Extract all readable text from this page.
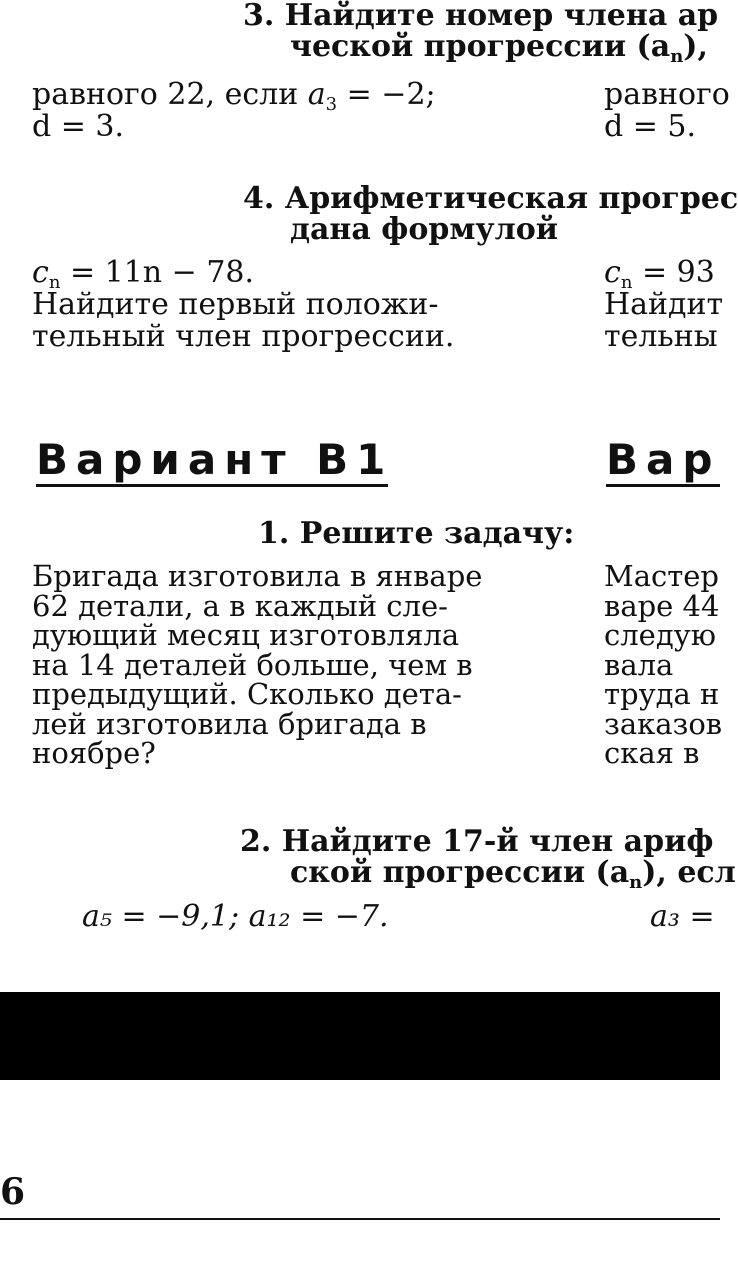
3. Найдите номер члена ар
ческой прогрессии $(a_n)$,
равного 22, если $a_3 = -2$;
d = 3.
равного
d = 5.
4. Арифметическая прогрес
дана формулой
$c_n = 11n - 78$.
Найдите первый положи-
тельный член прогрессии.
$c_n = 93$
Найдит
тельны
Вариант В1	Вар
1. Решите задачу:
Бригада изготовила в январе
62 детали, а в каждый сле-
дующий месяц изготовляла
на 14 деталей больше, чем в
предыдущий. Сколько дета-
лей изготовила бригада в
ноябре?
Мастер
варе 44
следую
вала
труда н
заказов
ская в
2. Найдите 17-й член ариф
ской прогрессии $(a_n)$, есл
a₅ = −9,1; a₁₂ = −7.	a₃ =
6
